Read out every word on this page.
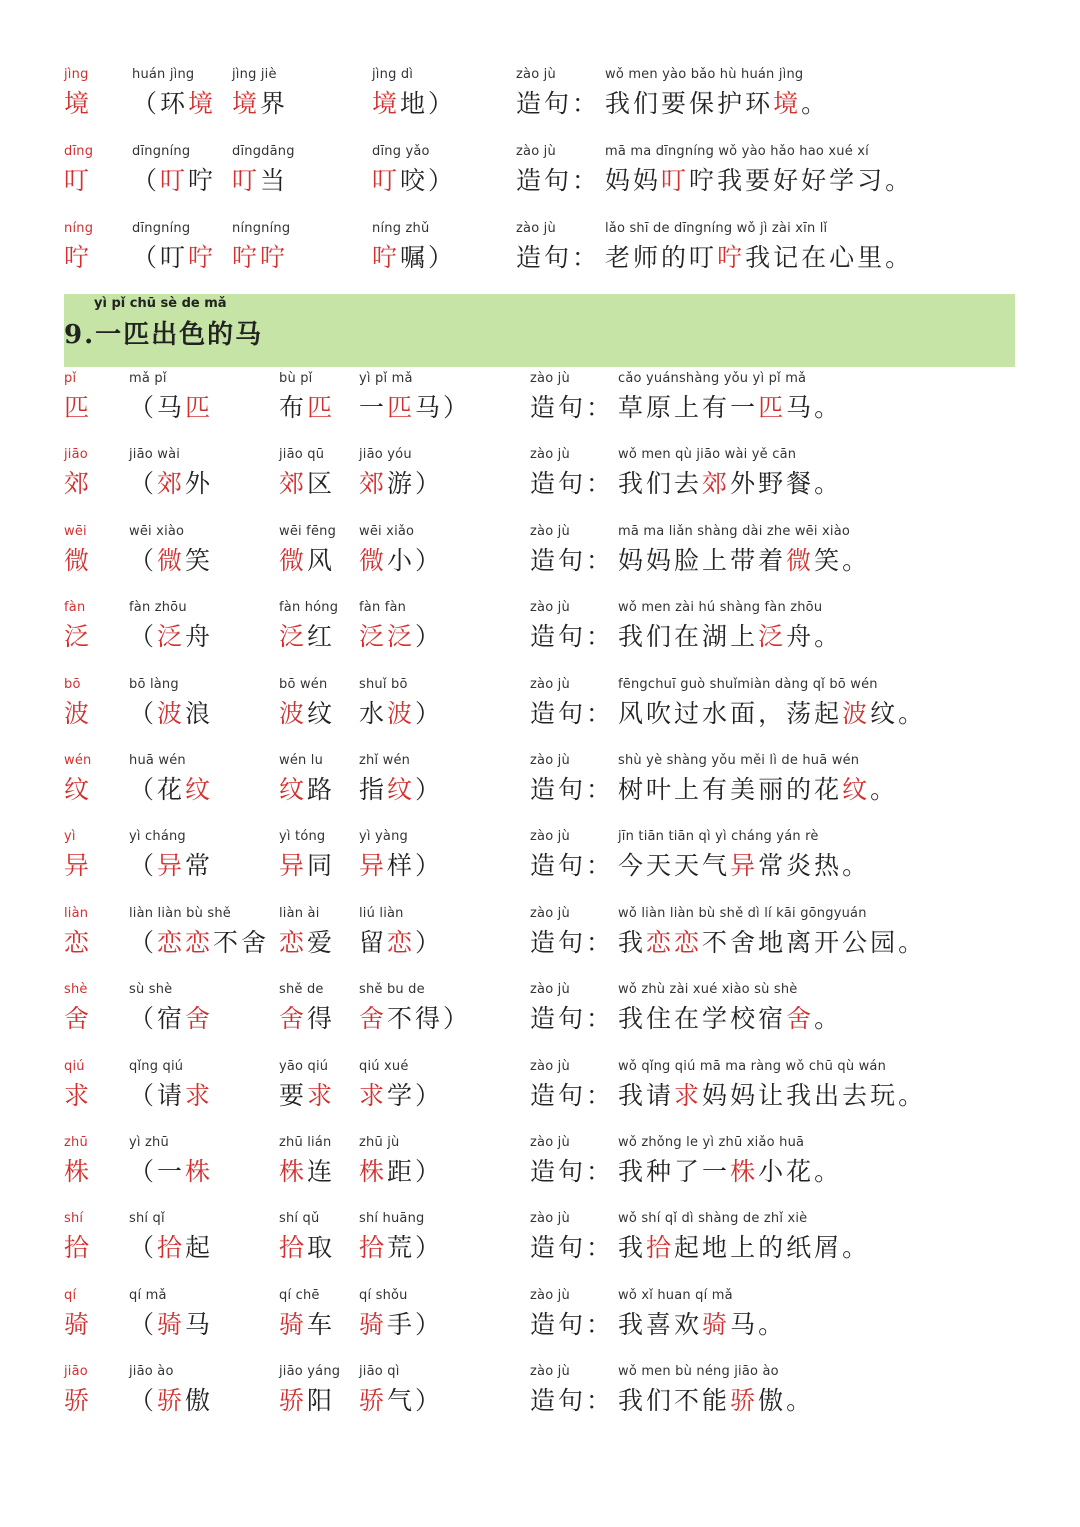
yì pǐ chū sè de mǎ
9.一匹出色的马
jìng
境
huán jìng
（环境
jìng jiè
境界
jìng dì
境地）
zào jù
造句：
wǒ men yào bǎo hù huán jìng
我们要保护环境。
dīng
叮
dīngníng
（叮咛
dīngdāng
叮当
dīng yǎo
叮咬）
zào jù
造句：
mā ma dīngníng wǒ yào hǎo hao xué xí
妈妈叮咛我要好好学习。
níng
咛
dīngníng
（叮咛
níngníng
咛咛
níng zhǔ
咛嘱）
zào jù
造句：
lǎo shī de dīngníng wǒ jì zài xīn lǐ
老师的叮咛我记在心里。
pǐ
匹
mǎ pǐ
（马匹
bù pǐ
布匹
yì pǐ mǎ
一匹马）
zào jù
造句：
cǎo yuánshàng yǒu yì pǐ mǎ
草原上有一匹马。
jiāo
郊
jiāo wài
（郊外
jiāo qū
郊区
jiāo yóu
郊游）
zào jù
造句：
wǒ men qù jiāo wài yě cān
我们去郊外野餐。
wēi
微
wēi xiào
（微笑
wēi fēng
微风
wēi xiǎo
微小）
zào jù
造句：
mā ma liǎn shàng dài zhe wēi xiào
妈妈脸上带着微笑。
fàn
泛
fàn zhōu
（泛舟
fàn hóng
泛红
fàn fàn
泛泛）
zào jù
造句：
wǒ men zài hú shàng fàn zhōu
我们在湖上泛舟。
bō
波
bō làng
（波浪
bō wén
波纹
shuǐ bō
水波）
zào jù
造句：
fēngchuī guò shuǐmiàn dàng qǐ bō wén
风吹过水面，荡起波纹。
wén
纹
huā wén
（花纹
wén lu
纹路
zhǐ wén
指纹）
zào jù
造句：
shù yè shàng yǒu měi lì de huā wén
树叶上有美丽的花纹。
yì
异
yì cháng
（异常
yì tóng
异同
yì yàng
异样）
zào jù
造句：
jīn tiān tiān qì yì cháng yán rè
今天天气异常炎热。
liàn
恋
liàn liàn bù shě
（恋恋不舍
liàn ài
恋爱
liú liàn
留恋）
zào jù
造句：
wǒ liàn liàn bù shě dì lí kāi gōngyuán
我恋恋不舍地离开公园。
shè
舍
sù shè
（宿舍
shě de
舍得
shě bu de
舍不得）
zào jù
造句：
wǒ zhù zài xué xiào sù shè
我住在学校宿舍。
qiú
求
qǐng qiú
（请求
yāo qiú
要求
qiú xué
求学）
zào jù
造句：
wǒ qǐng qiú mā ma ràng wǒ chū qù wán
我请求妈妈让我出去玩。
zhū
株
yì zhū
（一株
zhū lián
株连
zhū jù
株距）
zào jù
造句：
wǒ zhǒng le yì zhū xiǎo huā
我种了一株小花。
shí
拾
shí qǐ
（拾起
shí qǔ
拾取
shí huāng
拾荒）
zào jù
造句：
wǒ shí qǐ dì shàng de zhǐ xiè
我拾起地上的纸屑。
qí
骑
qí mǎ
（骑马
qí chē
骑车
qí shǒu
骑手）
zào jù
造句：
wǒ xǐ huan qí mǎ
我喜欢骑马。
jiāo
骄
jiāo ào
（骄傲
jiāo yáng
骄阳
jiāo qì
骄气）
zào jù
造句：
wǒ men bù néng jiāo ào
我们不能骄傲。
